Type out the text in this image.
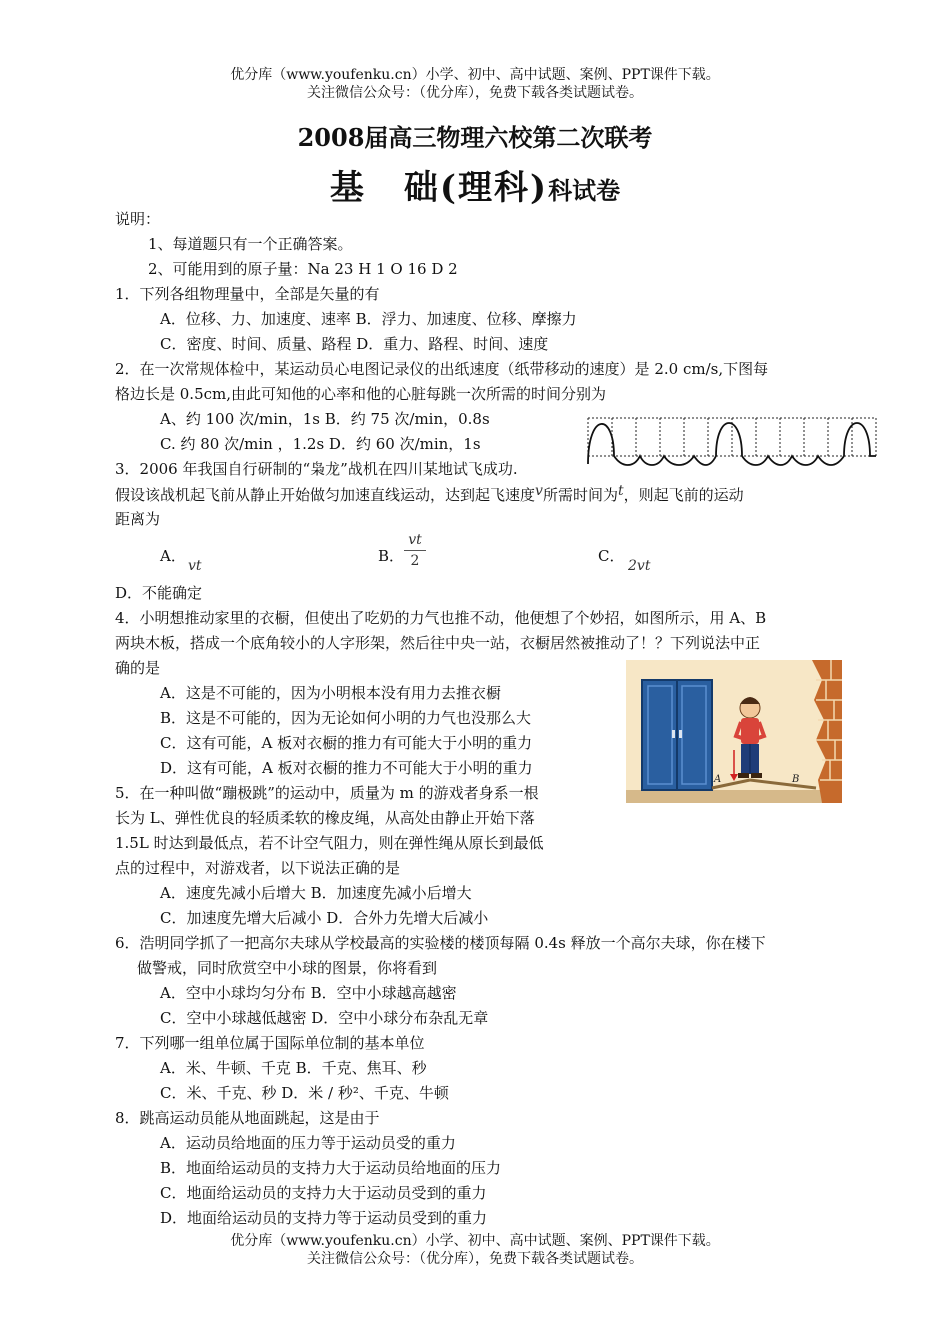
优分库（www.youfenku.cn）小学、初中、高中试题、案例、PPT课件下载。
关注微信公众号：（优分库），免费下载各类试题试卷。
2008届高三物理六校第二次联考
基 础(理科)科试卷
说明：
1、每道题只有一个正确答案。
2、可能用到的原子量：Na 23 H 1 O 16 D 2
1．下列各组物理量中，全部是矢量的有
A．位移、力、加速度、速率 B．浮力、加速度、位移、摩擦力
C．密度、时间、质量、路程 D．重力、路程、时间、速度
2．在一次常规体检中，某运动员心电图记录仪的出纸速度（纸带移动的速度）是 2.0 cm/s,下图每
格边长是 0.5cm,由此可知他的心率和他的心脏每跳一次所需的时间分别为
A、约 100 次/min，1s B．约 75 次/min，0.8s
C. 约 80 次/min ，1.2s D．约 60 次/min，1s
3．2006 年我国自行研制的“枭龙”战机在四川某地试飞成功.
假设该战机起飞前从静止开始做匀加速直线运动，达到起飞速度v所需时间为t，则起飞前的运动
距离为
A．
vt
B．
vt
2	C．
2vt
D．不能确定
4．小明想推动家里的衣橱，但使出了吃奶的力气也推不动，他便想了个妙招，如图所示，用 A、B
两块木板，搭成一个底角较小的人字形架，然后往中央一站，衣橱居然被推动了！？下列说法中正
确的是
A．这是不可能的，因为小明根本没有用力去推衣橱
B．这是不可能的，因为无论如何小明的力气也没那么大
C．这有可能，A 板对衣橱的推力有可能大于小明的重力
D．这有可能，A 板对衣橱的推力不可能大于小明的重力
A	B
5．在一种叫做“蹦极跳”的运动中，质量为 m 的游戏者身系一根
长为 L、弹性优良的轻质柔软的橡皮绳，从高处由静止开始下落
1.5L 时达到最低点，若不计空气阻力，则在弹性绳从原长到最低
点的过程中，对游戏者，以下说法正确的是
A．速度先减小后增大 B．加速度先减小后增大
C．加速度先增大后减小 D．合外力先增大后减小
6．浩明同学抓了一把高尔夫球从学校最高的实验楼的楼顶每隔 0.4s 释放一个高尔夫球，你在楼下
做警戒，同时欣赏空中小球的图景，你将看到
A．空中小球均匀分布 B．空中小球越高越密
C．空中小球越低越密 D．空中小球分布杂乱无章
7．下列哪一组单位属于国际单位制的基本单位
A．米、牛顿、千克 B．千克、焦耳、秒
C．米、千克、秒 D．米 / 秒²、千克、牛顿
8．跳高运动员能从地面跳起，这是由于
A．运动员给地面的压力等于运动员受的重力
B．地面给运动员的支持力大于运动员给地面的压力
C．地面给运动员的支持力大于运动员受到的重力
D．地面给运动员的支持力等于运动员受到的重力
优分库（www.youfenku.cn）小学、初中、高中试题、案例、PPT课件下载。
关注微信公众号：（优分库），免费下载各类试题试卷。
